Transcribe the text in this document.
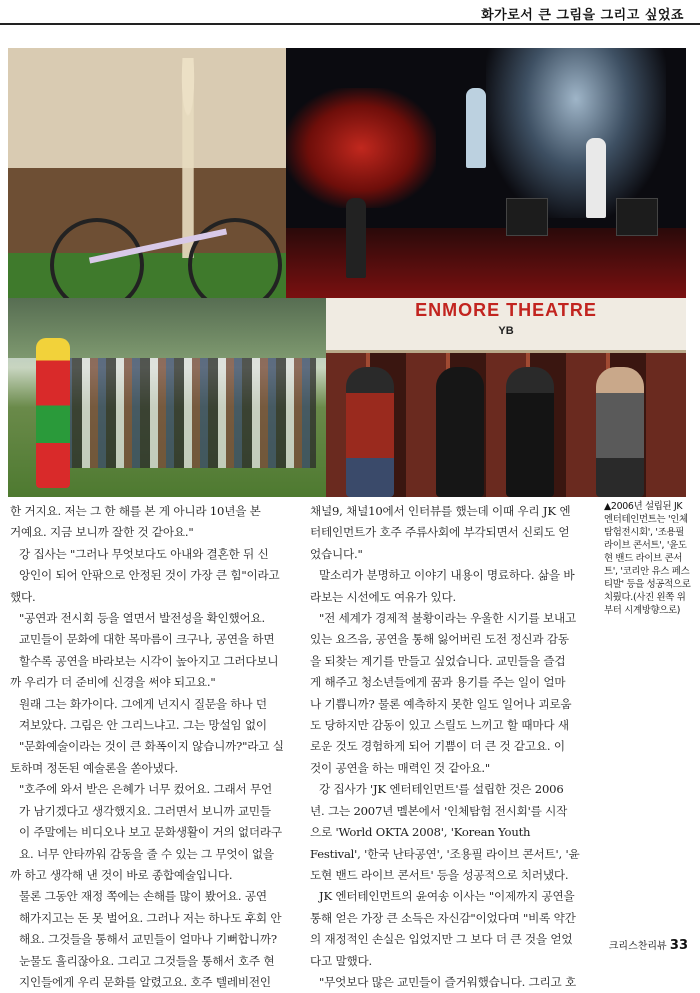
화가로서 큰 그림을 그리고 싶었죠
ENMORE THEATRE
YB
▲2006년 설립된 JK 엔터테인먼트는 '인체탐험전시회', '조용필 라이브 콘서트', '윤도현 밴드 라이브 콘서트', '코리안 유스 페스티발' 등을 성공적으로 치뤘다.(사진 왼쪽 위부터 시계방향으로)

한 거지요. 저는 그 한 해를 본 게 아니라 10년을 본

거예요. 지금 보니까 잘한 것 같아요."

강 집사는 "그러나 무엇보다도 아내와 결혼한 뒤 신

앙인이 되어 안팎으로 안정된 것이 가장 큰 힘"이라고

했다.

"공연과 전시회 등을 열면서 발전성을 확인했어요.

교민들이 문화에 대한 목마름이 크구나, 공연을 하면

할수록 공연을 바라보는 시각이 높아지고 그러다보니

까 우리가 더 준비에 신경을 써야 되고요."

원래 그는 화가이다. 그에게 넌지시 질문을 하나 던

져보았다. 그림은 안 그리느냐고. 그는 망설임 없이

"문화예술이라는 것이 큰 화폭이지 않습니까?"라고 실

토하며 정돈된 예술론을 쏟아냈다.

"호주에 와서 받은 은혜가 너무 컸어요. 그래서 무언

가 남기겠다고 생각했지요. 그러면서 보니까 교민들

이 주말에는 비디오나 보고 문화생활이 거의 없더라구

요. 너무 안타까워 감동을 줄 수 있는 그 무엇이 없을

까 하고 생각해 낸 것이 바로 종합예술입니다.

물론 그동안 재정 쪽에는 손해를 많이 봤어요. 공연

해가지고는 돈 못 벌어요. 그러나 저는 하나도 후회 안

해요. 그것들을 통해서 교민들이 얼마나 기뻐합니까?

눈물도 흘리잖아요. 그리고 그것들을 통해서 호주 현

지인들에게 우리 문화를 알렸고요. 호주 텔레비전인

채널9, 채널10에서 인터뷰를 했는데 이때 우리 JK 엔

터테인먼트가 호주 주류사회에 부각되면서 신뢰도 얻

었습니다."

말소리가 분명하고 이야기 내용이 명료하다. 삶을 바

라보는 시선에도 여유가 있다.

"전 세계가 경제적 불황이라는 우울한 시기를 보내고

있는 요즈음, 공연을 통해 잃어버린 도전 정신과 감동

을 되찾는 계기를 만들고 싶었습니다. 교민들을 즐겁

게 해주고 청소년들에게 꿈과 용기를 주는 일이 얼마

나 기쁩니까? 물론 예측하지 못한 일도 일어나 괴로움

도 당하지만 감동이 있고 스릴도 느끼고 할 때마다 새

로운 것도 경험하게 되어 기쁨이 더 큰 것 같고요. 이

것이 공연을 하는 매력인 것 같아요."

강 집사가 'JK 엔터테인먼트'를 설립한 것은 2006

년. 그는 2007년 멜본에서 '인체탐험 전시회'를 시작

으로 'World OKTA 2008', 'Korean Youth

Festival', '한국 난타공연', '조용필 라이브 콘서트', '윤

도현 밴드 라이브 콘서트' 등을 성공적으로 치러냈다.

JK 엔터테인먼트의 윤여송 이사는 "이제까지 공연을

통해 얻은 가장 큰 소득은 자신감"이었다며 "비록 약간

의 재정적인 손실은 입었지만 그 보다 더 큰 것을 얻었

다고 말했다.

"무엇보다 많은 교민들이 즐거워했습니다. 그리고 호

크리스찬리뷰 33
